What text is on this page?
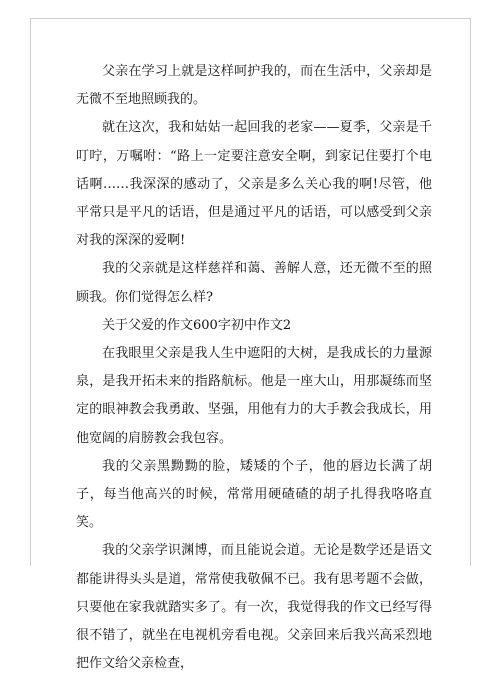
父亲在学习上就是这样呵护我的，而在生活中，父亲却是无微不至地照顾我的。

就在这次，我和姑姑一起回我的老家——夏季，父亲是千叮咛，万嘱咐：“路上一定要注意安全啊，到家记住要打个电话啊……我深深的感动了，父亲是多么关心我的啊!尽管，他平常只是平凡的话语，但是通过平凡的话语，可以感受到父亲对我的深深的爱啊!

我的父亲就是这样慈祥和蔼、善解人意，还无微不至的照顾我。你们觉得怎么样?

关于父爱的作文600字初中作文2

在我眼里父亲是我人生中遮阳的大树，是我成长的力量源泉，是我开拓未来的指路航标。他是一座大山，用那凝练而坚定的眼神教会我勇敢、坚强，用他有力的大手教会我成长，用他宽阔的肩膀教会我包容。

我的父亲黑黝黝的脸，矮矮的个子，他的唇边长满了胡子，每当他高兴的时候，常常用硬碴碴的胡子扎得我咯咯直笑。

我的父亲学识渊博，而且能说会道。无论是数学还是语文都能讲得头头是道，常常使我敬佩不已。我有思考题不会做，只要他在家我就踏实多了。有一次，我觉得我的作文已经写得很不错了，就坐在电视机旁看电视。父亲回来后我兴高采烈地把作文给父亲检查，
